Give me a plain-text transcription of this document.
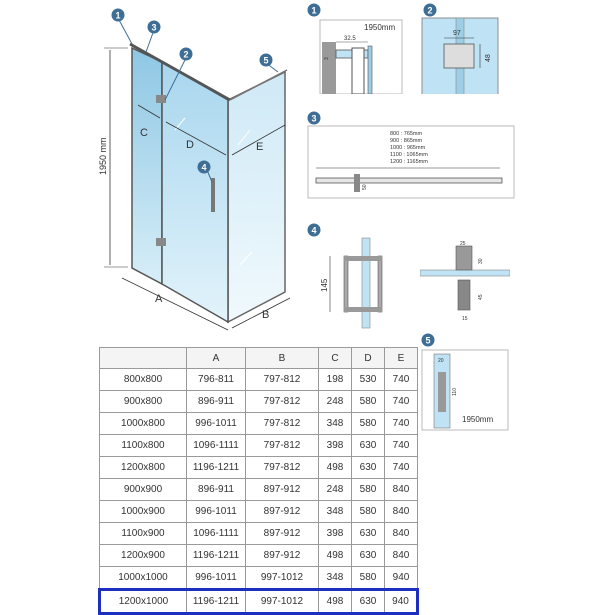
1950 mm
C
D	E
A
B
1
3
2
4
5
1
1950mm
32.5
3
2
97
48
3
800 : 765mm
900 : 865mm
1000 : 965mm
1100 : 1065mm
1200 : 1165mm
50
4
145
25
30
45
15
5
20
110
1950mm
	A	B	C	D	E
800x800	796-811	797-812	198	530	740
900x800	896-911	797-812	248	580	740
1000x800	996-1011	797-812	348	580	740
1100x800	1096-1111	797-812	398	630	740
1200x800	1196-1211	797-812	498	630	740
900x900	896-911	897-912	248	580	840
1000x900	996-1011	897-912	348	580	840
1100x900	1096-1111	897-912	398	630	840
1200x900	1196-1211	897-912	498	630	840
1000x1000	996-1011	997-1012	348	580	940
1200x1000	1196-1211	997-1012	498	630	940
